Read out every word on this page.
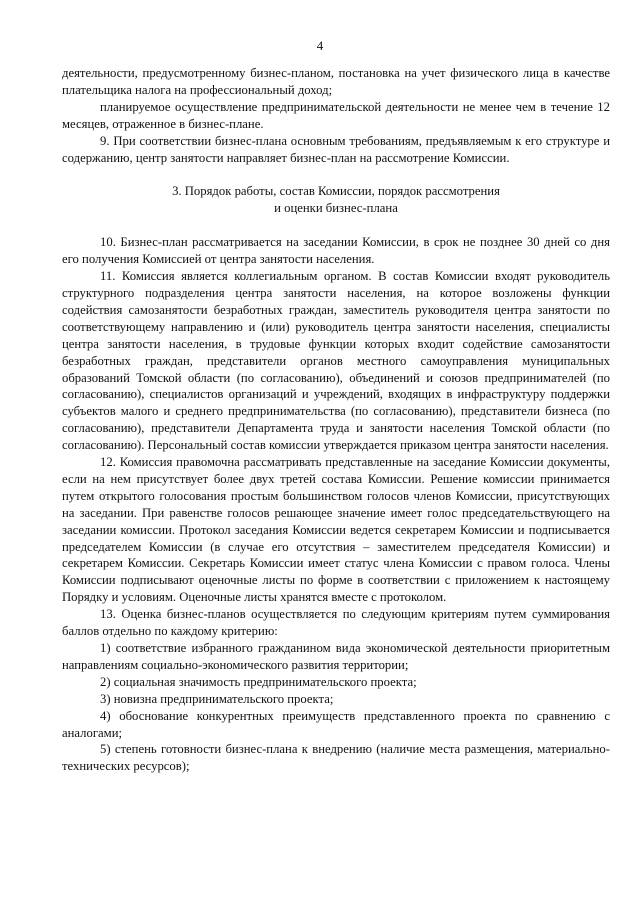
4

деятельности, предусмотренному бизнес-планом, постановка на учет физического лица в качестве плательщика налога на профессиональный доход;

планируемое осуществление предпринимательской деятельности не менее чем в течение 12 месяцев, отраженное в бизнес-плане.

9. При соответствии бизнес-плана основным требованиям, предъявляемым к его структуре и содержанию, центр занятости направляет бизнес-план на рассмотрение Комиссии.

3. Порядок работы, состав Комиссии, порядок рассмотрения
и оценки бизнес-плана

10. Бизнес-план рассматривается на заседании Комиссии, в срок не позднее 30 дней со дня его получения Комиссией от центра занятости населения.

11. Комиссия является коллегиальным органом. В состав Комиссии входят руководитель структурного подразделения центра занятости населения, на которое возложены функции содействия самозанятости безработных граждан, заместитель руководителя центра занятости по соответствующему направлению и (или) руководитель центра занятости населения, специалисты центра занятости населения, в трудовые функции которых входит содействие самозанятости безработных граждан, представители органов местного самоуправления муниципальных образований Томской области (по согласованию), объединений и союзов предпринимателей (по согласованию), специалистов организаций и учреждений, входящих в инфраструктуру поддержки субъектов малого и среднего предпринимательства (по согласованию), представители бизнеса (по согласованию), представители Департамента труда и занятости населения Томской области (по согласованию). Персональный состав комиссии утверждается приказом центра занятости населения.

12. Комиссия правомочна рассматривать представленные на заседание Комиссии документы, если на нем присутствует более двух третей состава Комиссии. Решение комиссии принимается путем открытого голосования простым большинством голосов членов Комиссии, присутствующих на заседании. При равенстве голосов решающее значение имеет голос председательствующего на заседании комиссии. Протокол заседания Комиссии ведется секретарем Комиссии и подписывается председателем Комиссии (в случае его отсутствия – заместителем председателя Комиссии) и секретарем Комиссии. Секретарь Комиссии имеет статус члена Комиссии с правом голоса. Члены Комиссии подписывают оценочные листы по форме в соответствии с приложением к настоящему Порядку и условиям. Оценочные листы хранятся вместе с протоколом.

13. Оценка бизнес-планов осуществляется по следующим критериям путем суммирования баллов отдельно по каждому критерию:

1) соответствие избранного гражданином вида экономической деятельности приоритетным направлениям социально-экономического развития территории;

2) социальная значимость предпринимательского проекта;

3) новизна предпринимательского проекта;

4) обоснование конкурентных преимуществ представленного проекта по сравнению с аналогами;

5) степень готовности бизнес-плана к внедрению (наличие места размещения, материально-технических ресурсов);
